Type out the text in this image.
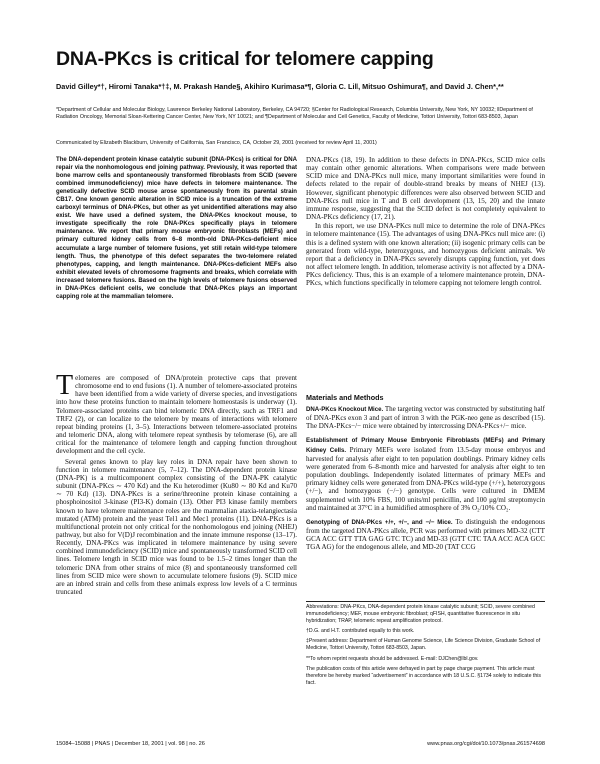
DNA-PKcs is critical for telomere capping
David Gilley*†, Hiromi Tanaka*†‡, M. Prakash Hande§, Akihiro Kurimasa*¶, Gloria C. Li‖, Mitsuo Oshimura¶, and David J. Chen*,**
*Department of Cellular and Molecular Biology, Lawrence Berkeley National Laboratory, Berkeley, CA 94720; §Center for Radiological Research, Columbia University, New York, NY 10032; ‖Department of Radiation Oncology, Memorial Sloan-Kettering Cancer Center, New York, NY 10021; and ¶Department of Molecular and Cell Genetics, Faculty of Medicine, Tottori University, Tottori 683-8503, Japan
Communicated by Elizabeth Blackburn, University of California, San Francisco, CA, October 29, 2001 (received for review April 11, 2001)
The DNA-dependent protein kinase catalytic subunit (DNA-PKcs) is critical for DNA repair via the nonhomologous end joining pathway. Previously, it was reported that bone marrow cells and spontaneously transformed fibroblasts from SCID (severe combined immunodeficiency) mice have defects in telomere maintenance. The genetically defective SCID mouse arose spontaneously from its parental strain CB17. One known genomic alteration in SCID mice is a truncation of the extreme carboxyl terminus of DNA-PKcs, but other as yet unidentified alterations may also exist. We have used a defined system, the DNA-PKcs knockout mouse, to investigate specifically the role DNA-PKcs specifically plays in telomere maintenance. We report that primary mouse embryonic fibroblasts (MEFs) and primary cultured kidney cells from 6–8 month-old DNA-PKcs-deficient mice accumulate a large number of telomere fusions, yet still retain wild-type telomere length. Thus, the phenotype of this defect separates the two-telomere related phenotypes, capping, and length maintenance. DNA-PKcs-deficient MEFs also exhibit elevated levels of chromosome fragments and breaks, which correlate with increased telomere fusions. Based on the high levels of telomere fusions observed in DNA-PKcs deficient cells, we conclude that DNA-PKcs plays an important capping role at the mammalian telomere.

Telomeres are composed of DNA/protein protective caps that prevent chromosome end to end fusions (1). A number of telomere-associated proteins have been identified from a wide variety of diverse species, and investigations into how these proteins function to maintain telomere homeostasis is underway (1). Telomere-associated proteins can bind telomeric DNA directly, such as TRF1 and TRF2 (2), or can localize to the telomere by means of interactions with telomere repeat binding proteins (1, 3–5). Interactions between telomere-associated proteins and telomeric DNA, along with telomere repeat synthesis by telomerase (6), are all critical for the maintenance of telomere length and capping function throughout development and the cell cycle.

Several genes known to play key roles in DNA repair have been shown to function in telomere maintenance (5, 7–12). The DNA-dependent protein kinase (DNA-PK) is a multicomponent complex consisting of the DNA-PK catalytic subunit (DNA-PKcs ∼ 470 Kd) and the Ku heterodimer (Ku80 ∼ 80 Kd and Ku70 ∼ 70 Kd) (13). DNA-PKcs is a serine/threonine protein kinase containing a phosphoinositol 3-kinase (PI3-K) domain (13). Other PI3 kinase family members known to have telomere maintenance roles are the mammalian ataxia-telangiectasia mutated (ATM) protein and the yeast Tel1 and Mec1 proteins (11). DNA-PKcs is a multifunctional protein not only critical for the nonhomologous end joining (NHEJ) pathway, but also for V(D)J recombination and the innate immune response (13–17). Recently, DNA-PKcs was implicated in telomere maintenance by using severe combined immunodeficiency (SCID) mice and spontaneously transformed SCID cell lines. Telomere length in SCID mice was found to be 1.5–2 times longer than the telomeric DNA from other strains of mice (8) and spontaneously transformed cell lines from SCID mice were shown to accumulate telomere fusions (9). SCID mice are an inbred strain and cells from these animals express low levels of a C terminus truncated

DNA-PKcs (18, 19). In addition to these defects in DNA-PKcs, SCID mice cells may contain other genomic alterations. When comparisons were made between SCID mice and DNA-PKcs null mice, many important similarities were found in defects related to the repair of double-strand breaks by means of NHEJ (13). However, significant phenotypic differences were also observed between SCID and DNA-PKcs null mice in T and B cell development (13, 15, 20) and the innate immune response, suggesting that the SCID defect is not completely equivalent to DNA-PKcs deficiency (17, 21).

In this report, we use DNA-PKcs null mice to determine the role of DNA-PKcs in telomere maintenance (15). The advantages of using DNA-PKcs null mice are: (i) this is a defined system with one known alteration; (ii) isogenic primary cells can be generated from wild-type, heterozygous, and homozygous deficient animals. We report that a deficiency in DNA-PKcs severely disrupts capping function, yet does not affect telomere length. In addition, telomerase activity is not affected by a DNA-PKcs deficiency. Thus, this is an example of a telomere maintenance protein, DNA-PKcs, which functions specifically in telomere capping not telomere length control.

Materials and Methods

DNA-PKcs Knockout Mice. The targeting vector was constructed by substituting half of DNA-PKcs exon 3 and part of intron 3 with the PGK-neo gene as described (15). The DNA-PKcs−/− mice were obtained by intercrossing DNA-PKcs+/− mice.

Establishment of Primary Mouse Embryonic Fibroblasts (MEFs) and Primary Kidney Cells. Primary MEFs were isolated from 13.5-day mouse embryos and harvested for analysis after eight to ten population doublings. Primary kidney cells were generated from 6–8-month mice and harvested for analysis after eight to ten population doublings. Independently isolated littermates of primary MEFs and primary kidney cells were generated from DNA-PKcs wild-type (+/+), heterozygous (+/−), and homozygous (−/−) genotype. Cells were cultured in DMEM supplemented with 10% FBS, 100 units/ml penicillin, and 100 μg/ml streptomycin and maintained at 37°C in a humidified atmosphere of 3% O₂/10% CO₂.

Genotyping of DNA-PKcs +/+, +/−, and −/− Mice. To distinguish the endogenous from the targeted DNA-PKcs allele, PCR was performed with primers MD-32 (CTT GCA ACC GTT TTA GAG GTC TC) and MD-33 (GTT CTC TAA ACC ACA GCC TGA AG) for the endogenous allele, and MD-20 (TAT CCG

Abbreviations: DNA-PKcs, DNA-dependent protein kinase catalytic subunit; SCID, severe combined immunodeficiency; MEF, mouse embryonic fibroblast; qFISH, quantitative fluorescence in situ hybridization; TRAP, telomeric repeat amplification protocol.

†D.G. and H.T. contributed equally to this work.

‡Present address: Department of Human Genome Science, Life Science Division, Graduate School of Medicine, Tottori University, Tottori 683-8503, Japan.

**To whom reprint requests should be addressed. E-mail: DJChen@lbl.gov.

The publication costs of this article were defrayed in part by page charge payment. This article must therefore be hereby marked “advertisement” in accordance with 18 U.S.C. §1734 solely to indicate this fact.

15084–15088 | PNAS | December 18, 2001 | vol. 98 | no. 26	www.pnas.org/cgi/doi/10.1073/pnas.261574698
